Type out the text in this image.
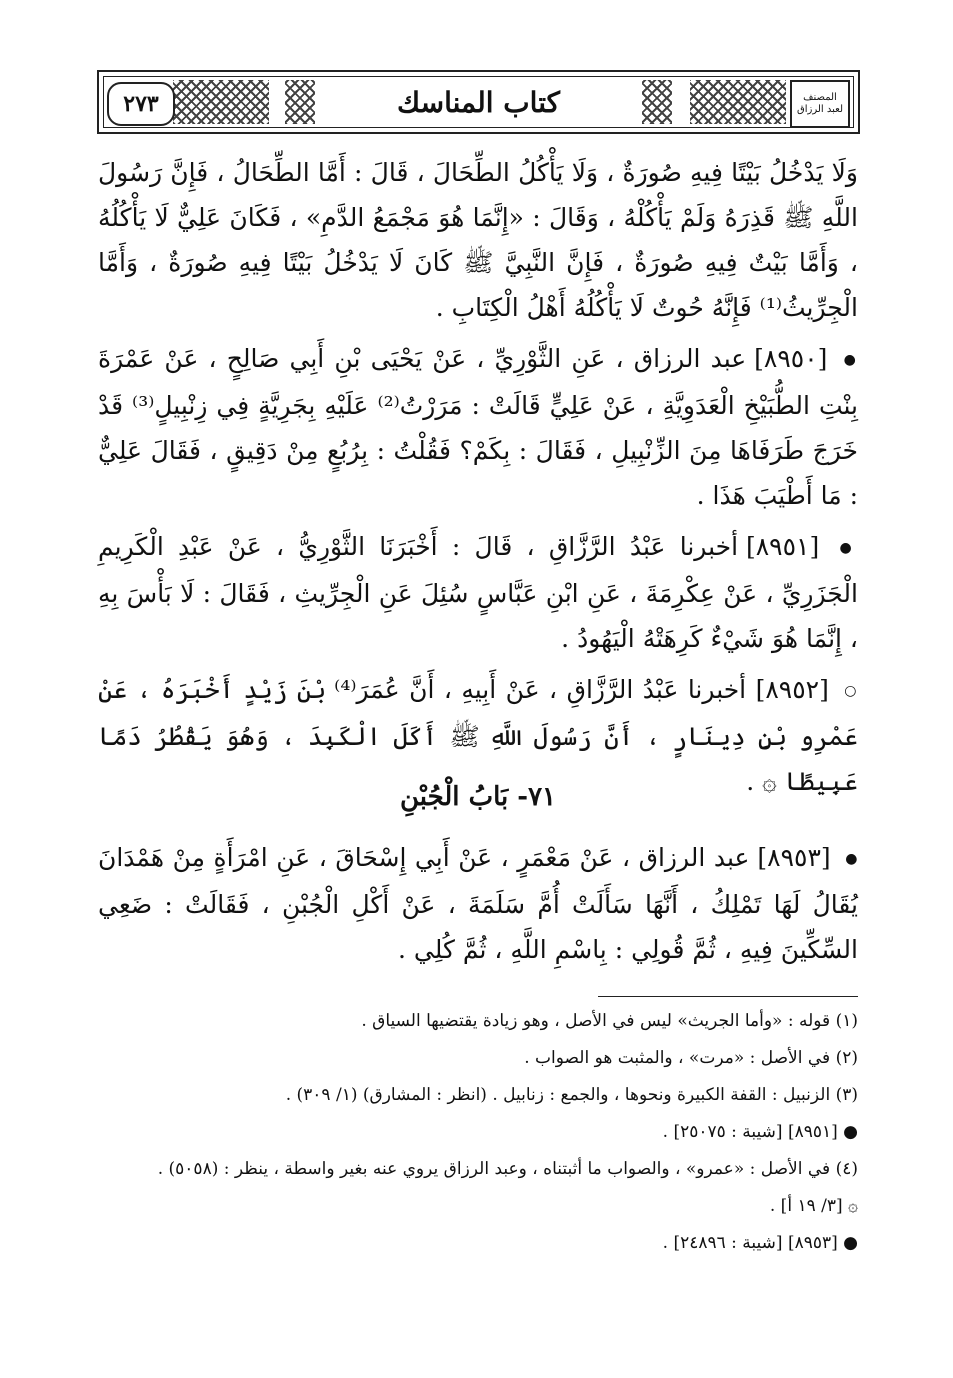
٢٧٣	كتاب المناسك	المصنف
لعبد الرزاق

وَلَا يَدْخُلُ بَيْتًا فِيهِ صُورَةٌ ، وَلَا يَأْكُلُ الطِّحَالَ ، قَالَ : أَمَّا الطِّحَالُ ، فَإِنَّ رَسُولَ اللَّهِ ﷺ قَذِرَهُ وَلَمْ يَأْكُلْهُ ، وَقَالَ : «إِنَّمَا هُوَ مَجْمَعُ الدَّمِ» ، فَكَانَ عَلِيٌّ لَا يَأْكُلُهُ ، وَأَمَّا بَيْتٌ فِيهِ صُورَةٌ ، فَإِنَّ النَّبِيَّ ﷺ كَانَ لَا يَدْخُلُ بَيْتًا فِيهِ صُورَةٌ ، وَأَمَّا الْجِرِّيثُ⁽¹⁾ فَإِنَّهُ حُوتٌ لَا يَأْكُلُهُ أَهْلُ الْكِتَابِ .

● [٨٩٥٠] عبد الرزاق ، عَنِ الثَّوْرِيِّ ، عَنْ يَحْيَى بْنِ أَبِي صَالِحٍ ، عَنْ عَمْرَةَ بِنْتِ الطُّبَيْخِ الْعَدَوِيَّةِ ، عَنْ عَلِيٍّ قَالَتْ : مَرَرْتُ⁽²⁾ عَلَيْهِ بِجَرِيَّةٍ فِي زِنْبِيلٍ⁽³⁾ قَدْ خَرَجَ طَرَفَاهَا مِنَ الزِّنْبِيلِ ، فَقَالَ : بِكَمْ؟ فَقُلْتُ : بِرُبُعٍ مِنْ دَقِيقٍ ، فَقَالَ عَلِيٌّ : مَا أَطْيَبَ هَذَا .

● [٨٩٥١] أخبرنا عَبْدُ الرَّزَّاقِ ، قَالَ : أَخْبَرَنَا الثَّوْرِيُّ ، عَنْ عَبْدِ الْكَرِيمِ الْجَزَرِيِّ ، عَنْ عِكْرِمَةَ ، عَنِ ابْنِ عَبَّاسٍ سُئِلَ عَنِ الْجِرِّيثِ ، فَقَالَ : لَا بَأْسَ بِهِ ، إِنَّمَا هُوَ شَيْءٌ كَرِهَتْهُ الْيَهُودُ .

○ [٨٩٥٢] أخبرنا عَبْدُ الرَّزَّاقِ ، عَنْ أَبِيهِ ، أَنَّ عُمَرَ⁽⁴⁾ بْنَ زَيْدٍ أَخْبَرَهُ ، عَنْ عَمْرِو بْنِ دِينَارٍ ، أَنَّ رَسُولَ اللَّهِ ﷺ أَكَلَ الْكَبِدَ ، وَهُوَ يَقْطُرُ دَمًا عَبِيطًا ۞ .

٧١- بَابُ الْجُبْنِ

● [٨٩٥٣] عبد الرزاق ، عَنْ مَعْمَرٍ ، عَنْ أَبِي إِسْحَاقَ ، عَنِ امْرَأَةٍ مِنْ هَمْدَانَ يُقَالُ لَهَا تَمْلِكُ ، أَنَّهَا سَأَلَتْ أُمَّ سَلَمَةَ ، عَنْ أَكْلِ الْجُبْنِ ، فَقَالَتْ : ضَعِي السِّكِّينَ فِيهِ ، ثُمَّ قُولِي : بِاسْمِ اللَّهِ ، ثُمَّ كُلِي .

(١) قوله : «وأما الجريث» ليس في الأصل ، وهو زيادة يقتضيها السياق .

(٢) في الأصل : «مرت» ، والمثبت هو الصواب .

(٣) الزنبيل : القفة الكبيرة ونحوها ، والجمع : زنابيل . (انظر : المشارق) (١/ ٣٠٩) .

● [٨٩٥١] [شيبة : ٢٥٠٧٥] .

(٤) في الأصل : «عمرو» ، والصواب ما أثبتناه ، وعبد الرزاق يروي عنه بغير واسطة ، ينظر : (٥٠٥٨) .

۞ [٣/ ١٩ أ] .

● [٨٩٥٣] [شيبة : ٢٤٨٩٦] .
